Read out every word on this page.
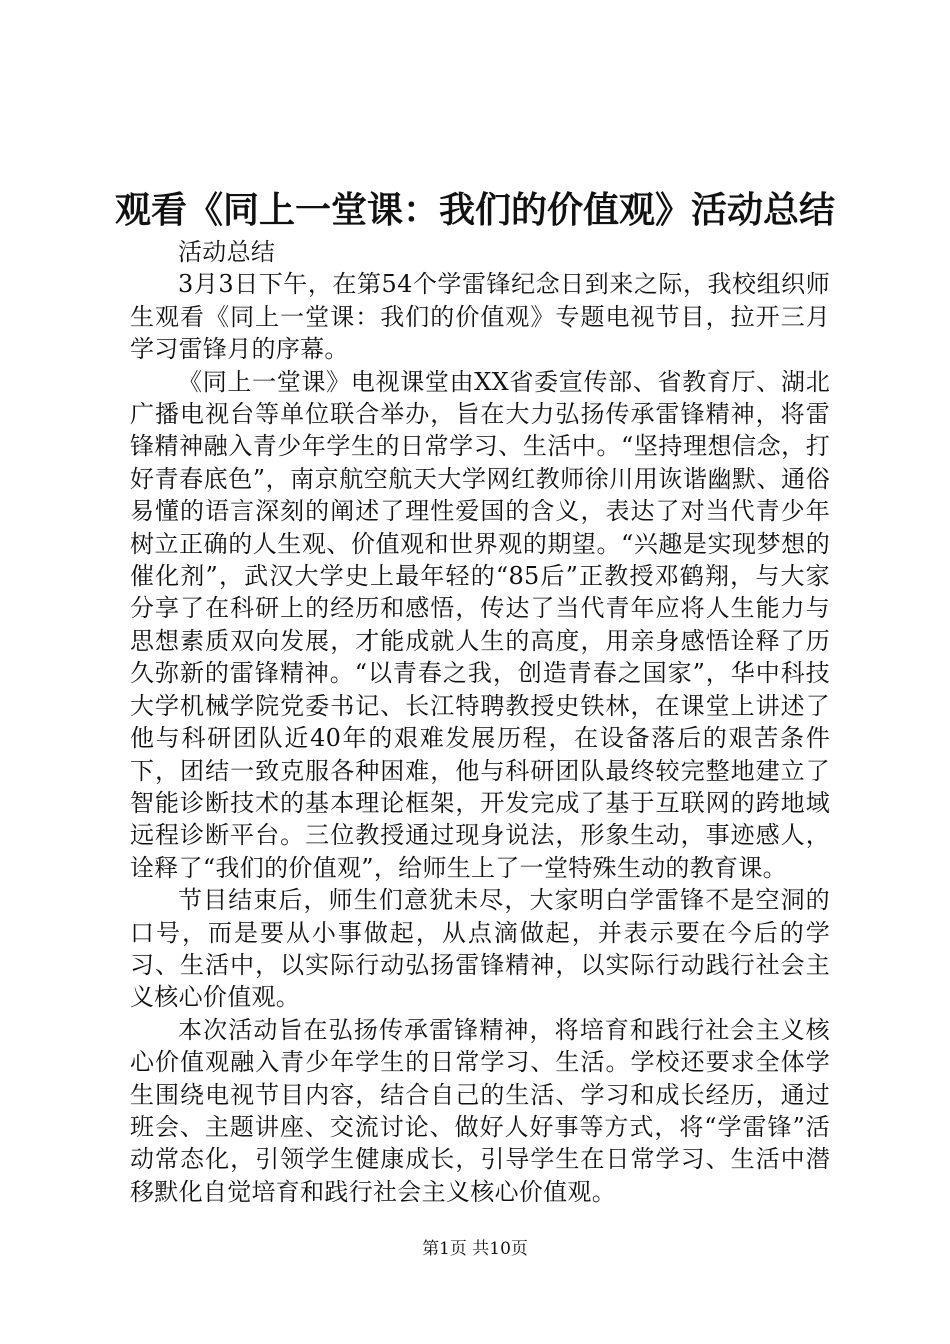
观看《同上一堂课：我们的价值观》活动总结

活动总结

3月3日下午，在第54个学雷锋纪念日到来之际，我校组织师生观看《同上一堂课：我们的价值观》专题电视节目，拉开三月学习雷锋月的序幕。

《同上一堂课》电视课堂由XX省委宣传部、省教育厅、湖北广播电视台等单位联合举办，旨在大力弘扬传承雷锋精神，将雷锋精神融入青少年学生的日常学习、生活中。“坚持理想信念，打好青春底色”，南京航空航天大学网红教师徐川用诙谐幽默、通俗易懂的语言深刻的阐述了理性爱国的含义，表达了对当代青少年树立正确的人生观、价值观和世界观的期望。“兴趣是实现梦想的催化剂”，武汉大学史上最年轻的“85后”正教授邓鹤翔，与大家分享了在科研上的经历和感悟，传达了当代青年应将人生能力与思想素质双向发展，才能成就人生的高度，用亲身感悟诠释了历久弥新的雷锋精神。“以青春之我，创造青春之国家”，华中科技大学机械学院党委书记、长江特聘教授史铁林，在课堂上讲述了他与科研团队近40年的艰难发展历程，在设备落后的艰苦条件下，团结一致克服各种困难，他与科研团队最终较完整地建立了智能诊断技术的基本理论框架，开发完成了基于互联网的跨地域远程诊断平台。三位教授通过现身说法，形象生动，事迹感人，诠释了“我们的价值观”，给师生上了一堂特殊生动的教育课。

节目结束后，师生们意犹未尽，大家明白学雷锋不是空洞的口号，而是要从小事做起，从点滴做起，并表示要在今后的学习、生活中，以实际行动弘扬雷锋精神，以实际行动践行社会主义核心价值观。

本次活动旨在弘扬传承雷锋精神，将培育和践行社会主义核心价值观融入青少年学生的日常学习、生活。学校还要求全体学生围绕电视节目内容，结合自己的生活、学习和成长经历，通过班会、主题讲座、交流讨论、做好人好事等方式，将“学雷锋”活动常态化，引领学生健康成长，引导学生在日常学习、生活中潜移默化自觉培育和践行社会主义核心价值观。

第1页 共10页
